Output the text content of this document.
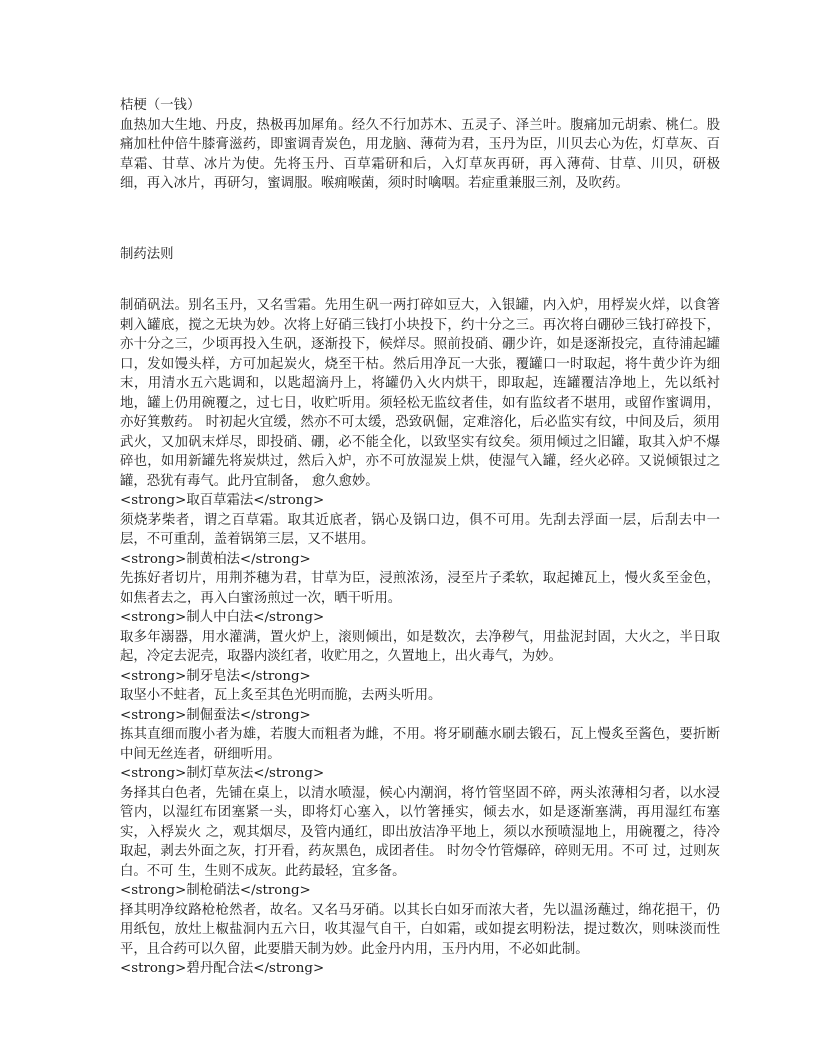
桔梗（一钱）

血热加大生地、丹皮，热极再加犀角。经久不行加苏木、五灵子、泽兰叶。腹痛加元胡索、桃仁。股痛加杜仲倍牛膝膏滋药，即蜜调青炭色，用龙脑、薄荷为君，玉丹为臣，川贝去心为佐，灯草灰、百草霜、甘草、冰片为使。先将玉丹、百草霜研和后，入灯草灰再研，再入薄荷、甘草、川贝，研极细，再入冰片，再研匀，蜜调服。喉痈喉菌，须时时噙咽。若症重兼服三剂，及吹药。

制药法则

制硝矾法。别名玉丹，又名雪霜。先用生矾一两打碎如豆大，入银罐，内入炉，用桴炭火烊，以食箸剌入罐底，搅之无块为妙。次将上好硝三钱打小块投下，约十分之三。再次将白硼砂三钱打碎投下，亦十分之三，少顷再投入生矾，逐渐投下，候烊尽。照前投硝、硼少许，如是逐渐投完，直待浦起罐口，发如馒头样，方可加起炭火，烧至干枯。然后用净瓦一大张，覆罐口一时取起，将牛黄少许为细末，用清水五六匙调和，以匙超滴丹上，将罐仍入火内烘干，即取起，连罐覆洁净地上，先以纸衬地，罐上仍用碗覆之，过七日，收贮听用。须轻松无监纹者佳，如有监纹者不堪用，或留作蜜调用，亦好箕敷药。 时初起火宜缓，然亦不可太缓，恐致矾倔，定难溶化，后必监实有纹，中间及后，须用武火，又加矾末烊尽，即投硝、硼，必不能全化，以致坚实有纹矣。须用倾过之旧罐，取其入炉不爆碎也，如用新罐先将炭烘过，然后入炉，亦不可放湿炭上烘，使湿气入罐，经火必碎。又说倾银过之罐，恐犹有毒气。此丹宜制备， 愈久愈妙。

<strong>取百草霜法</strong>

须烧茅柴者，谓之百草霜。取其近底者，锅心及锅口边，俱不可用。先刮去浮面一层，后刮去中一层，不可重刮，盖着锅第三层，又不堪用。

<strong>制黄柏法</strong>

先拣好者切片，用荆芥穗为君，甘草为臣，浸煎浓汤，浸至片子柔软，取起摊瓦上，慢火炙至金色，如焦者去之，再入白蜜汤煎过一次，晒干听用。

<strong>制人中白法</strong>

取多年溺器，用水灌满，置火炉上，滚则倾出，如是数次，去净秽气，用盐泥封固，大火之，半日取起，冷定去泥壳，取器内淡红者，收贮用之，久置地上，出火毒气，为妙。

<strong>制牙皂法</strong>

取坚小不蛀者，瓦上炙至其色光明而脆，去两头听用。

<strong>制倔蚕法</strong>

拣其直细而腹小者为雄，若腹大而粗者为雌，不用。将牙刷蘸水刷去锻石，瓦上慢炙至酱色，要折断中间无丝连者，研细听用。

<strong>制灯草灰法</strong>

务择其白色者，先铺在桌上，以清水喷湿，候心内潮润，将竹管坚固不碎，两头浓薄相匀者，以水浸管内，以湿红布团塞紧一头，即将灯心塞入，以竹箸捶实，倾去水，如是逐渐塞满，再用湿红布塞实，入桴炭火 之，观其烟尽，及管内通红，即出放洁净平地上，须以水预喷湿地上，用碗覆之，待冷取起，剥去外面之灰，打开看，药灰黑色，成团者佳。 时勿令竹管爆碎，碎则无用。不可 过，过则灰白。不可 生，生则不成灰。此药最轻，宜多备。

<strong>制枪硝法</strong>

择其明净纹路枪枪然者，故名。又名马牙硝。以其长白如牙而浓大者，先以温汤蘸过，绵花挹干，仍用纸包，放灶上椒盐洞内五六日，收其湿气自干，白如霜，或如提玄明粉法，提过数次，则味淡而性平，且合药可以久留，此要腊天制为妙。此金丹内用，玉丹内用，不必如此制。

<strong>碧丹配合法</strong>
